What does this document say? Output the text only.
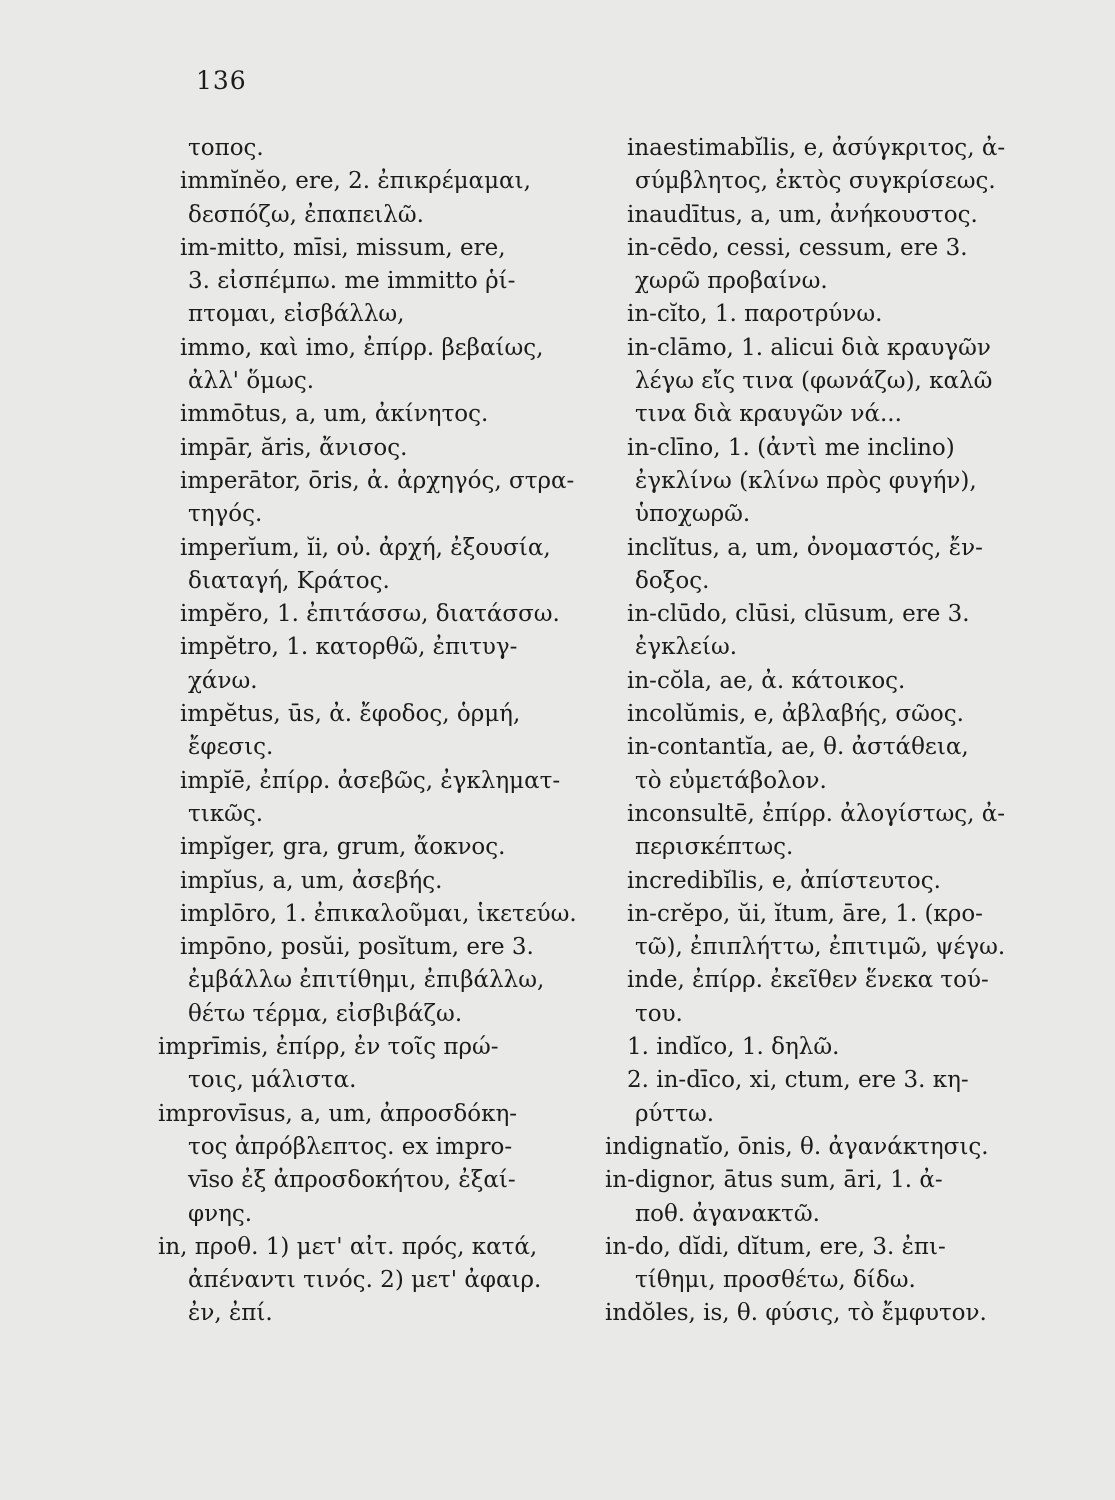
136
τοπος.
immĭnĕo, ere, 2. ἐπικρέμαμαι,
δεσπόζω, ἐπαπειλῶ.
im-mitto, mīsi, missum, ere,
3. εἰσπέμπω. me immitto ῥί-
πτομαι, εἰσβάλλω,
immo, καὶ imo, ἐπίρρ. βεβαίως,
ἀλλ' ὅμως.
immōtus, a, um, ἀκίνητος.
impār, ăris, ἄνισος.
imperātor, ōris, ἀ. ἀρχηγός, στρα-
τηγός.
imperĭum, ĭi, οὐ. ἀρχή, ἐξουσία,
διαταγή, Κράτος.
impĕro, 1. ἐπιτάσσω, διατάσσω.
impĕtro, 1. κατορθῶ, ἐπιτυγ-
χάνω.
impĕtus, ūs, ἀ. ἔφοδος, ὁρμή,
ἔφεσις.
impĭē, ἐπίρρ. ἀσεβῶς, ἐγκληματ-
τικῶς.
impĭger, gra, grum, ἄοκνος.
impĭus, a, um, ἀσεβής.
implōro, 1. ἐπικαλοῦμαι, ἱκετεύω.
impōno, posŭi, posĭtum, ere 3.
ἐμβάλλω ἐπιτίθημι, ἐπιβάλλω,
θέτω τέρμα, εἰσβιβάζω.
imprīmis, ἐπίρρ, ἐν τοῖς πρώ-
τοις, μάλιστα.
improvīsus, a, um, ἀπροσδόκη-
τος ἀπρόβλεπτος. ex impro-
vīso ἐξ ἀπροσδοκήτου, ἐξαί-
φνης.
in, προθ. 1) μετ' αἰτ. πρός, κατά,
ἀπέναντι τινός. 2) μετ' ἀφαιρ.
ἐν, ἐπί.
inaestimabĭlis, e, ἀσύγκριτος, ἀ-
σύμβλητος, ἐκτὸς συγκρίσεως.
inaudītus, a, um, ἀνήκουστος.
in-cēdo, cessi, cessum, ere 3.
χωρῶ προβαίνω.
in-cĭto, 1. παροτρύνω.
in-clāmo, 1. alicui διὰ κραυγῶν
λέγω εἴς τινα (φωνάζω), καλῶ
τινα διὰ κραυγῶν νά...
in-clīno, 1. (ἀντὶ me inclino)
ἐγκλίνω (κλίνω πρὸς φυγήν),
ὑποχωρῶ.
inclĭtus, a, um, ὀνομαστός, ἔν-
δοξος.
in-clūdo, clūsi, clūsum, ere 3.
ἐγκλείω.
in-cŏla, ae, ἀ. κάτοικος.
incolŭmis, e, ἀβλαβής, σῶος.
in-contantĭa, ae, θ. ἀστάθεια,
τὸ εὐμετάβολον.
inconsultē, ἐπίρρ. ἀλογίστως, ἀ-
περισκέπτως.
incredibĭlis, e, ἀπίστευτος.
in-crĕpo, ŭi, ĭtum, āre, 1. (κρο-
τῶ), ἐπιπλήττω, ἐπιτιμῶ, ψέγω.
inde, ἐπίρρ. ἐκεῖθεν ἕνεκα τού-
του.
1. indĭco, 1. δηλῶ.
2. in-dīco, xi, ctum, ere 3. κη-
ρύττω.
indignatĭo, ōnis, θ. ἀγανάκτησις.
in-dignor, ātus sum, āri, 1. ἀ-
ποθ. ἀγανακτῶ.
in-do, dĭdi, dĭtum, ere, 3. ἐπι-
τίθημι, προσθέτω, δίδω.
indŏles, is, θ. φύσις, τὸ ἔμφυτον.
